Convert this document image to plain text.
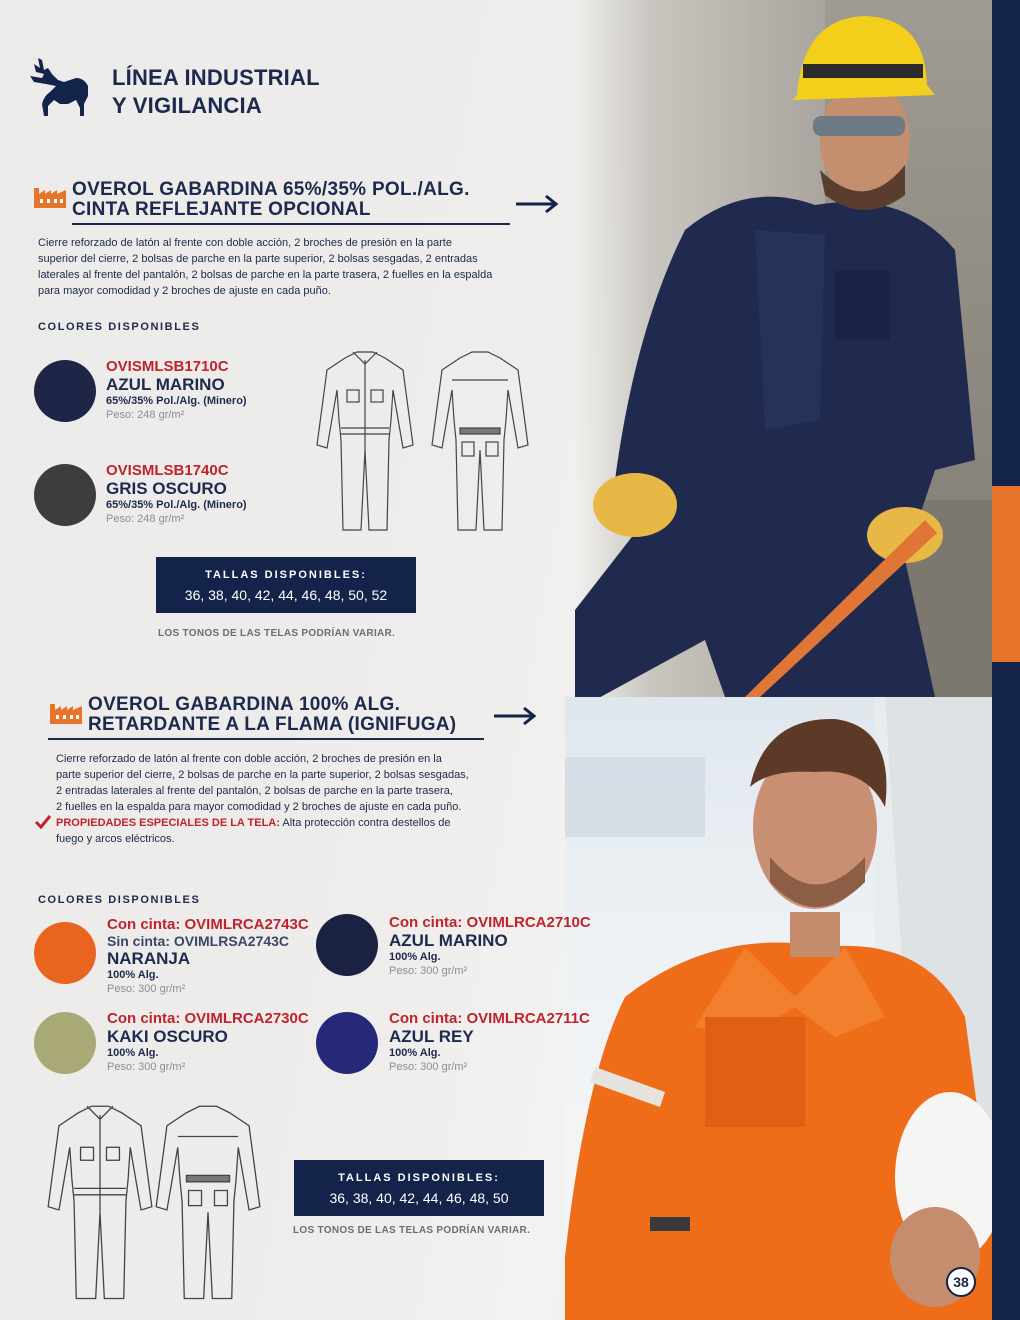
LÍNEA INDUSTRIAL
Y VIGILANCIA
OVEROL GABARDINA 65%/35% POL./ALG.
CINTA REFLEJANTE OPCIONAL
Cierre reforzado de latón al frente con doble acción, 2 broches de presión en la parte
superior del cierre, 2 bolsas de parche en la parte superior, 2 bolsas sesgadas, 2 entradas
laterales al frente del pantalón, 2 bolsas de parche en la parte trasera, 2 fuelles en la espalda
para mayor comodidad y 2 broches de ajuste en cada puño.
COLORES DISPONIBLES
OVISMLSB1710C
AZUL MARINO
65%/35% Pol./Alg. (Minero)
Peso: 248 gr/m²
OVISMLSB1740C
GRIS OSCURO
65%/35% Pol./Alg. (Minero)
Peso: 248 gr/m²
TALLAS DISPONIBLES:
36, 38, 40, 42, 44, 46, 48, 50, 52
LOS TONOS DE LAS TELAS PODRÍAN VARIAR.
OVEROL GABARDINA 100% ALG.
RETARDANTE A LA FLAMA (IGNIFUGA)
Cierre reforzado de latón al frente con doble acción, 2 broches de presión en la
parte superior del cierre, 2 bolsas de parche en la parte superior, 2 bolsas sesgadas,
2 entradas laterales al frente del pantalón, 2 bolsas de parche en la parte trasera,
2 fuelles en la espalda para mayor comodidad y 2 broches de ajuste en cada puño.
PROPIEDADES ESPECIALES DE LA TELA: Alta protección contra destellos de
fuego y arcos eléctricos.
COLORES DISPONIBLES
Con cinta: OVIMLRCA2743C
Sin cinta: OVIMLRSA2743C
NARANJA
100% Alg.
Peso: 300 gr/m²
Con cinta: OVIMLRCA2710C
AZUL MARINO
100% Alg.
Peso: 300 gr/m²
Con cinta: OVIMLRCA2730C
KAKI OSCURO
100% Alg.
Peso: 300 gr/m²
Con cinta: OVIMLRCA2711C
AZUL REY
100% Alg.
Peso: 300 gr/m²
TALLAS DISPONIBLES:
36, 38, 40, 42, 44, 46, 48, 50
LOS TONOS DE LAS TELAS PODRÍAN VARIAR.
38
